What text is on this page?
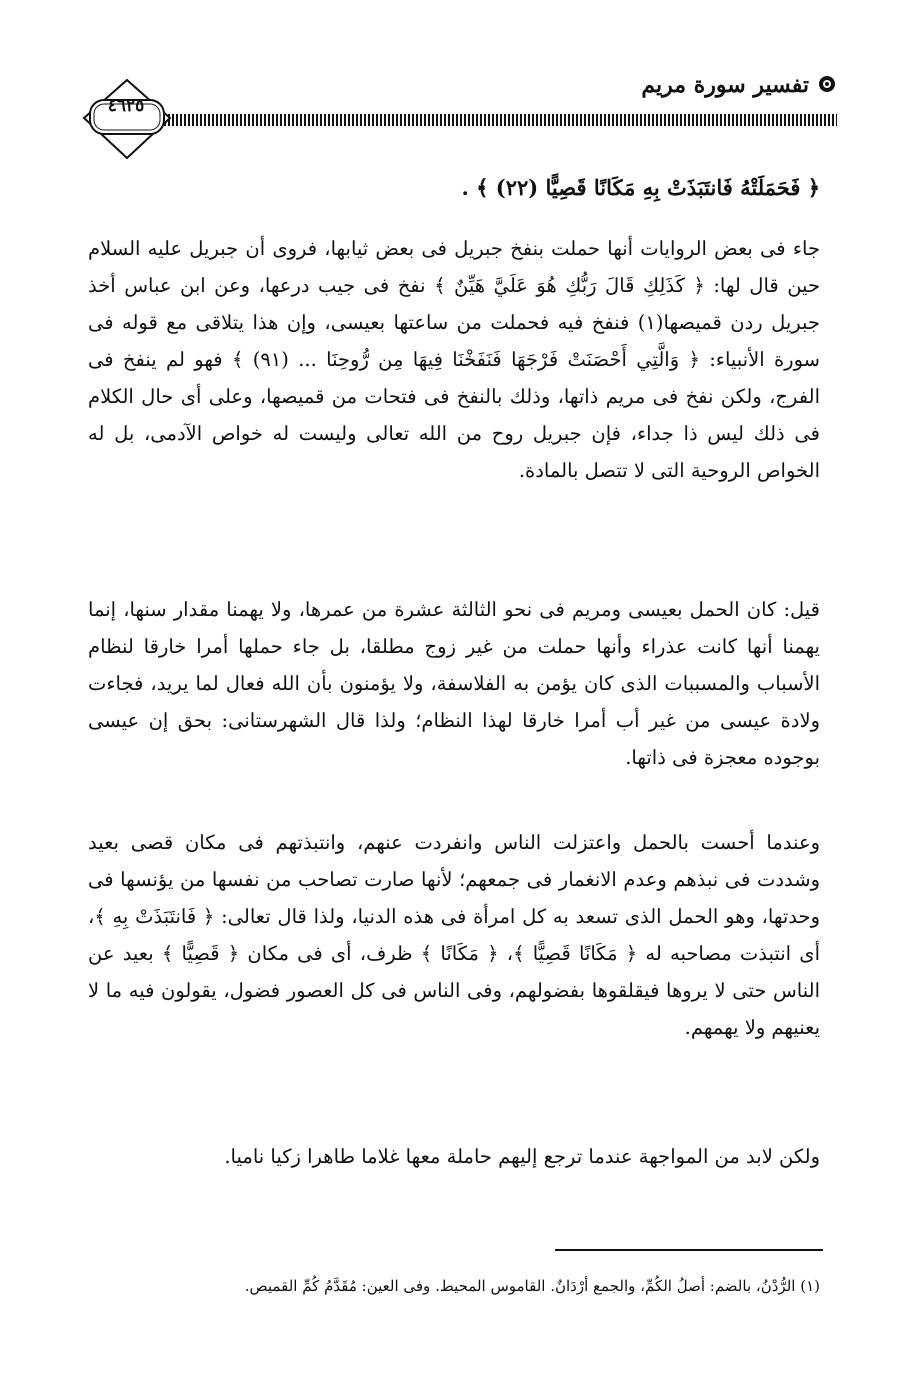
تفسير سورة مريم
٤٦٢٥
﴿ فَحَمَلَتْهُ فَانتَبَذَتْ بِهِ مَكَانًا قَصِيًّا (٢٢) ﴾ .
جاء فى بعض الروايات أنها حملت بنفخ جبريل فى بعض ثيابها، فروى أن جبريل عليه السلام حين قال لها: ﴿ كَذَلِكِ قَالَ رَبُّكِ هُوَ عَلَيَّ هَيِّنٌ ﴾ نفخ فى جيب درعها، وعن ابن عباس أخذ جبريل ردن قميصها(١) فنفخ فيه فحملت من ساعتها بعيسى، وإن هذا يتلاقى مع قوله فى سورة الأنبياء: ﴿ وَالَّتِي أَحْصَنَتْ فَرْجَهَا فَنَفَخْنَا فِيهَا مِن رُّوحِنَا ... (٩١) ﴾ فهو لم ينفخ فى الفرج، ولكن نفخ فى مريم ذاتها، وذلك بالنفخ فى فتحات من قميصها، وعلى أى حال الكلام فى ذلك ليس ذا جداء، فإن جبريل روح من الله تعالى وليست له خواص الآدمى، بل له الخواص الروحية التى لا تتصل بالمادة.
قيل: كان الحمل بعيسى ومريم فى نحو الثالثة عشرة من عمرها، ولا يهمنا مقدار سنها، إنما يهمنا أنها كانت عذراء وأنها حملت من غير زوج مطلقا، بل جاء حملها أمرا خارقا لنظام الأسباب والمسببات الذى كان يؤمن به الفلاسفة، ولا يؤمنون بأن الله فعال لما يريد، فجاءت ولادة عيسى من غير أب أمرا خارقا لهذا النظام؛ ولذا قال الشهرستانى: بحق إن عيسى بوجوده معجزة فى ذاتها.
وعندما أحست بالحمل واعتزلت الناس وانفردت عنهم، وانتبذتهم فى مكان قصى بعيد وشددت فى نبذهم وعدم الانغمار فى جمعهم؛ لأنها صارت تصاحب من نفسها من يؤنسها فى وحدتها، وهو الحمل الذى تسعد به كل امرأة فى هذه الدنيا، ولذا قال تعالى: ﴿ فَانتَبَذَتْ بِهِ ﴾، أى انتبذت مصاحبه له ﴿ مَكَانًا قَصِيًّا ﴾، ﴿ مَكَانًا ﴾ ظرف، أى فى مكان ﴿ قَصِيًّا ﴾ بعيد عن الناس حتى لا يروها فيقلقوها بفضولهم، وفى الناس فى كل العصور فضول، يقولون فيه ما لا يعنيهم ولا يهمهم.
ولكن لابد من المواجهة عندما ترجع إليهم حاملة معها غلاما طاهرا زكيا ناميا.
(١) الرُّدْنُ، بالضم: أصلُ الكُمِّ، والجمع أرْدَانٌ. القاموس المحيط. وفى العين: مُقَدَّمُ كُمِّ القميص.
